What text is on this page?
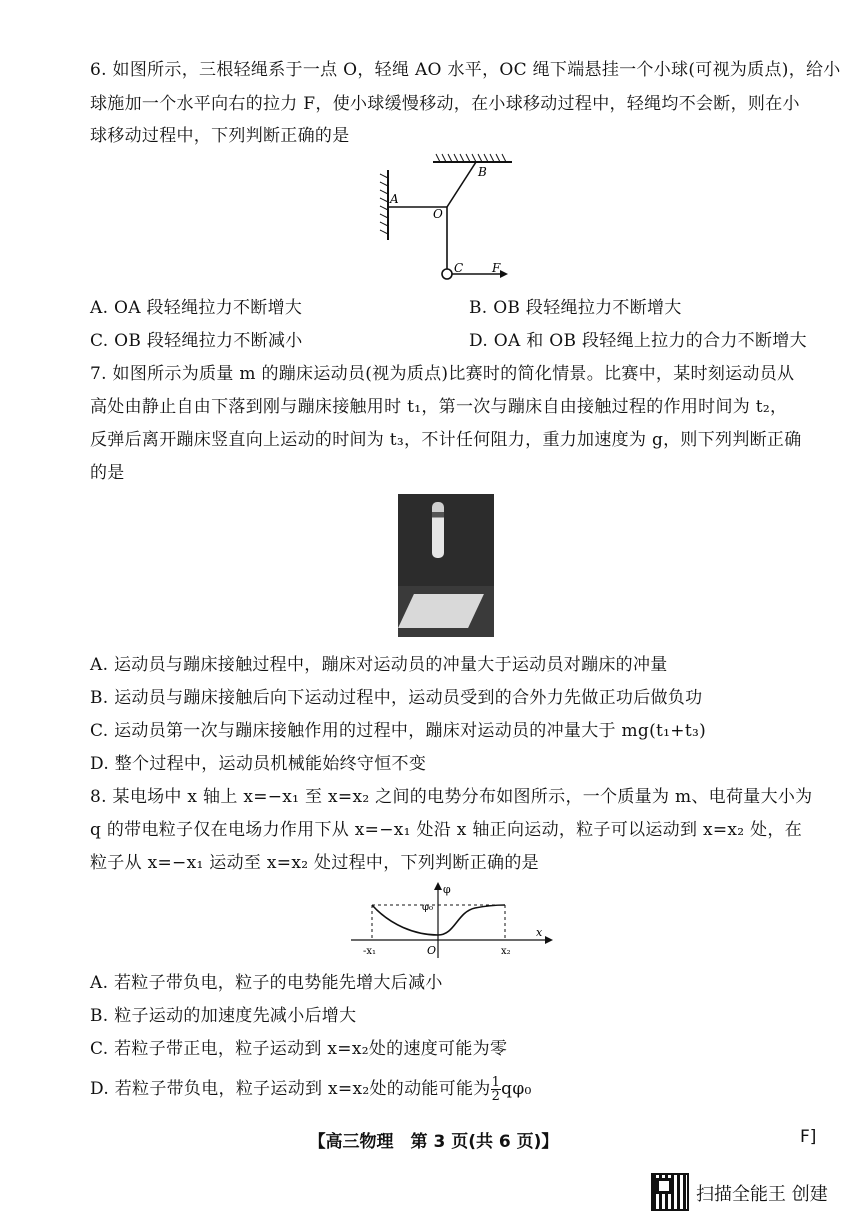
6. 如图所示，三根轻绳系于一点 O，轻绳 AO 水平，OC 绳下端悬挂一个小球(可视为质点)，给小
球施加一个水平向右的拉力 F，使小球缓慢移动，在小球移动过程中，轻绳均不会断，则在小
球移动过程中，下列判断正确的是
A
B
O
C F
A. OA 段轻绳拉力不断增大	B. OB 段轻绳拉力不断增大
C. OB 段轻绳拉力不断减小	D. OA 和 OB 段轻绳上拉力的合力不断增大
7. 如图所示为质量 m 的蹦床运动员(视为质点)比赛时的简化情景。比赛中，某时刻运动员从
高处由静止自由下落到刚与蹦床接触用时 t₁，第一次与蹦床自由接触过程的作用时间为 t₂，
反弹后离开蹦床竖直向上运动的时间为 t₃，不计任何阻力，重力加速度为 g，则下列判断正确
的是
A. 运动员与蹦床接触过程中，蹦床对运动员的冲量大于运动员对蹦床的冲量
B. 运动员与蹦床接触后向下运动过程中，运动员受到的合外力先做正功后做负功
C. 运动员第一次与蹦床接触作用的过程中，蹦床对运动员的冲量大于 mg(t₁+t₃)
D. 整个过程中，运动员机械能始终守恒不变
8. 某电场中 x 轴上 x=−x₁ 至 x=x₂ 之间的电势分布如图所示，一个质量为 m、电荷量大小为
q 的带电粒子仅在电场力作用下从 x=−x₁ 处沿 x 轴正向运动，粒子可以运动到 x=x₂ 处，在
粒子从 x=−x₁ 运动至 x=x₂ 处过程中，下列判断正确的是
φ
φ₀
x
-x₁	O	x₂
A. 若粒子带负电，粒子的电势能先增大后减小
B. 粒子运动的加速度先减小后增大
C. 若粒子带正电，粒子运动到 x=x₂处的速度可能为零
D. 若粒子带负电，粒子运动到 x=x₂处的动能可能为 $\frac{1}{2} q\varphi_0$
【高三物理　第 3 页(共 6 页)】	F]
扫描全能王 创建
